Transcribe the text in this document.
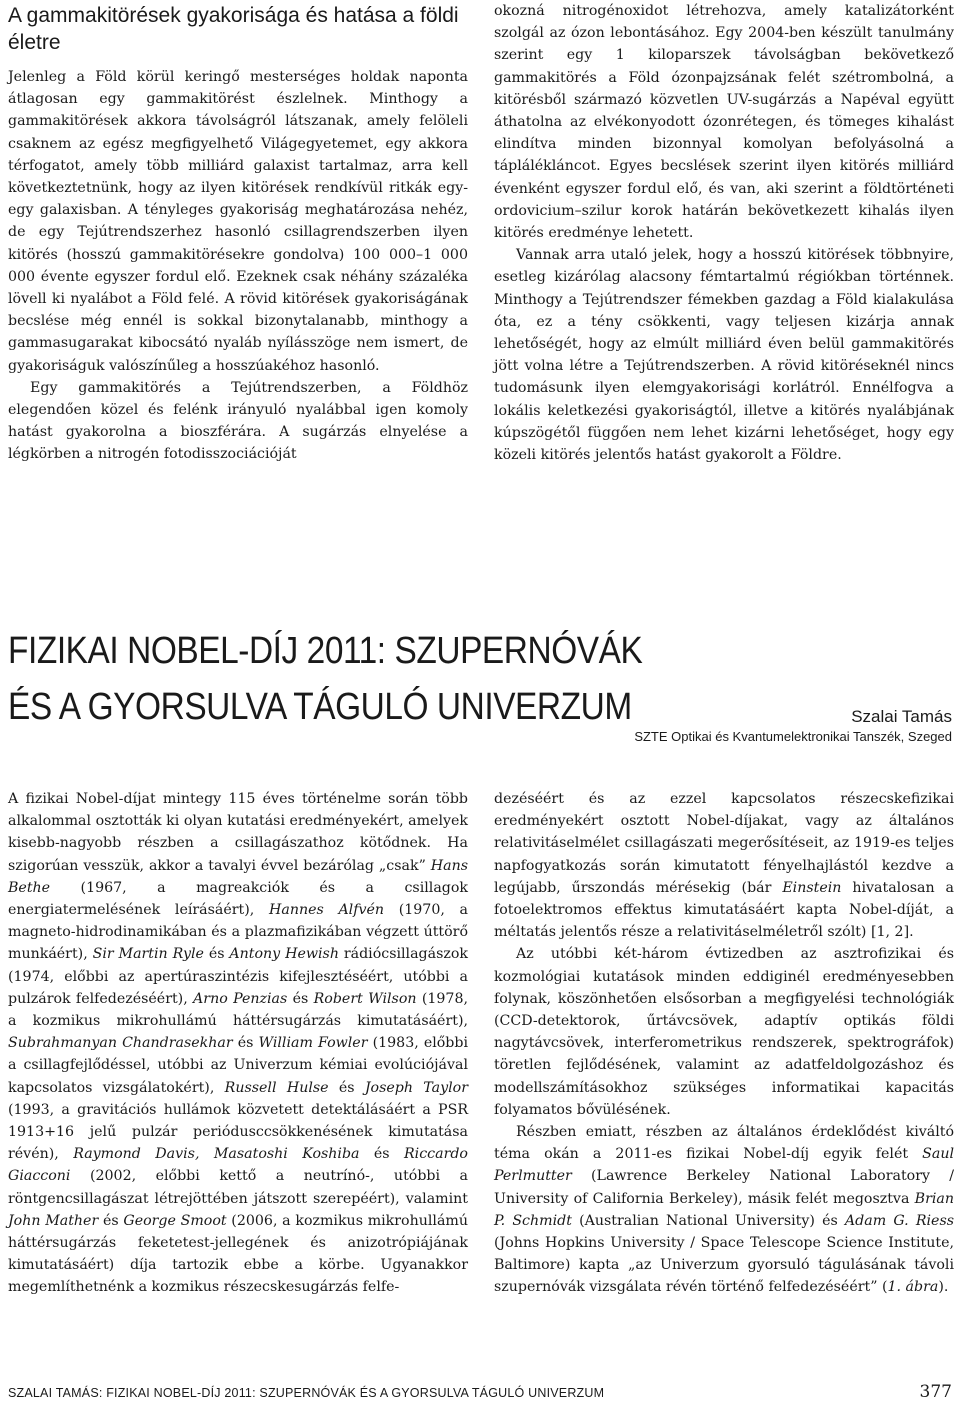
A gammakitörések gyakorisága és hatása a földi életre

Jelenleg a Föld körül keringő mesterséges holdak naponta átlagosan egy gammakitörést észlelnek. Minthogy a gammakitörések akkora távolságról látszanak, amely felöleli csaknem az egész megfigyelhető Világegyetemet, egy akkora térfogatot, amely több milliárd galaxist tartalmaz, arra kell következtetnünk, hogy az ilyen kitörések rendkívül ritkák egy-egy galaxisban. A tényleges gyakoriság meghatározása nehéz, de egy Tejútrendszerhez hasonló csillagrendszerben ilyen kitörés (hosszú gammakitörésekre gondolva) 100 000–1 000 000 évente egyszer fordul elő. Ezeknek csak néhány százaléka lövell ki nyalábot a Föld felé. A rövid kitörések gyakoriságának becslése még ennél is sokkal bizonytalanabb, minthogy a gammasugarakat kibocsátó nyaláb nyílásszöge nem ismert, de gyakoriságuk valószínűleg a hosszúakéhoz hasonló.

Egy gammakitörés a Tejútrendszerben, a Földhöz elegendően közel és felénk irányuló nyalábbal igen komoly hatást gyakorolna a bioszférára. A sugárzás elnyelése a légkörben a nitrogén fotodisszociációját

okozná nitrogénoxidot létrehozva, amely katalizátorként szolgál az ózon lebontásához. Egy 2004-ben készült tanulmány szerint egy 1 kiloparszek távolságban bekövetkező gammakitörés a Föld ózonpajzsának felét szétrombolná, a kitörésből származó közvetlen UV-sugárzás a Napéval együtt áthatolna az elvékonyodott ózonrétegen, és tömeges kihalást elindítva minden bizonnyal komolyan befolyásolná a táplálékláncot. Egyes becslések szerint ilyen kitörés milliárd évenként egyszer fordul elő, és van, aki szerint a földtörténeti ordovicium–szilur korok határán bekövetkezett kihalás ilyen kitörés eredménye lehetett.

Vannak arra utaló jelek, hogy a hosszú kitörések többnyire, esetleg kizárólag alacsony fémtartalmú régiókban történnek. Minthogy a Tejútrendszer fémekben gazdag a Föld kialakulása óta, ez a tény csökkenti, vagy teljesen kizárja annak lehetőségét, hogy az elmúlt milliárd éven belül gammakitörés jött volna létre a Tejútrendszerben. A rövid kitöréseknél nincs tudomásunk ilyen elemgyakorisági korlátról. Ennélfogva a lokális keletkezési gyakoriságtól, illetve a kitörés nyalábjának kúpszögétől függően nem lehet kizárni lehetőséget, hogy egy közeli kitörés jelentős hatást gyakorolt a Földre.

FIZIKAI NOBEL-DÍJ 2011: SZUPERNÓVÁK
ÉS A GYORSULVA TÁGULÓ UNIVERZUM	Szalai Tamás
SZTE Optikai és Kvantumelektronikai Tanszék, Szeged

A fizikai Nobel-díjat mintegy 115 éves történelme során több alkalommal osztották ki olyan kutatási eredményekért, amelyek kisebb-nagyobb részben a csillagászathoz kötődnek. Ha szigorúan vesszük, akkor a tavalyi évvel bezárólag „csak” Hans Bethe (1967, a magreakciók és a csillagok energiatermelésének leírásáért), Hannes Alfvén (1970, a magneto-hidrodinamikában és a plazmafizikában végzett úttörő munkáért), Sir Martin Ryle és Antony Hewish rádiócsillagászok (1974, előbbi az apertúraszintézis kifejlesztéséért, utóbbi a pulzárok felfedezéséért), Arno Penzias és Robert Wilson (1978, a kozmikus mikrohullámú háttérsugárzás kimutatásáért), Subrahmanyan Chandrasekhar és William Fowler (1983, előbbi a csillagfejlődéssel, utóbbi az Univerzum kémiai evolúciójával kapcsolatos vizsgálatokért), Russell Hulse és Joseph Taylor (1993, a gravitációs hullámok közvetett detektálásáért a PSR 1913+16 jelű pulzár periódusccsökkenésének kimutatása révén), Raymond Davis, Masatoshi Koshiba és Riccardo Giacconi (2002, előbbi kettő a neutrínó-, utóbbi a röntgencsillagászat létrejöttében játszott szerepéért), valamint John Mather és George Smoot (2006, a kozmikus mikrohullámú háttérsugárzás feketetest-jellegének és anizotrópiájának kimutatásáért) díja tartozik ebbe a körbe. Ugyanakkor megemlíthetnénk a kozmikus részecskesugárzás felfe-

dezéséért és az ezzel kapcsolatos részecskefizikai eredményekért osztott Nobel-díjakat, vagy az általános relativitáselmélet csillagászati megerősítéseit, az 1919-es teljes napfogyatkozás során kimutatott fényelhajlástól kezdve a legújabb, űrszondás mérésekig (bár Einstein hivatalosan a fotoelektromos effektus kimutatásáért kapta Nobel-díját, a méltatás jelentős része a relativitáselméletről szólt) [1, 2].

Az utóbbi két-három évtizedben az asztrofizikai és kozmológiai kutatások minden eddiginél eredményesebben folynak, köszönhetően elsősorban a megfigyelési technológiák (CCD-detektorok, űrtávcsövek, adaptív optikás földi nagytávcsövek, interferometrikus rendszerek, spektrográfok) töretlen fejlődésének, valamint az adatfeldolgozáshoz és modellszámításokhoz szükséges informatikai kapacitás folyamatos bővülésének.

Részben emiatt, részben az általános érdeklődést kiváltó téma okán a 2011-es fizikai Nobel-díj egyik felét Saul Perlmutter (Lawrence Berkeley National Laboratory / University of California Berkeley), másik felét megosztva Brian P. Schmidt (Australian National University) és Adam G. Riess (Johns Hopkins University / Space Telescope Science Institute, Baltimore) kapta „az Univerzum gyorsuló tágulásának távoli szupernóvák vizsgálata révén történő felfedezéséért” (1. ábra).

SZALAI TAMÁS: FIZIKAI NOBEL-DÍJ 2011: SZUPERNÓVÁK ÉS A GYORSULVA TÁGULÓ UNIVERZUM	377
